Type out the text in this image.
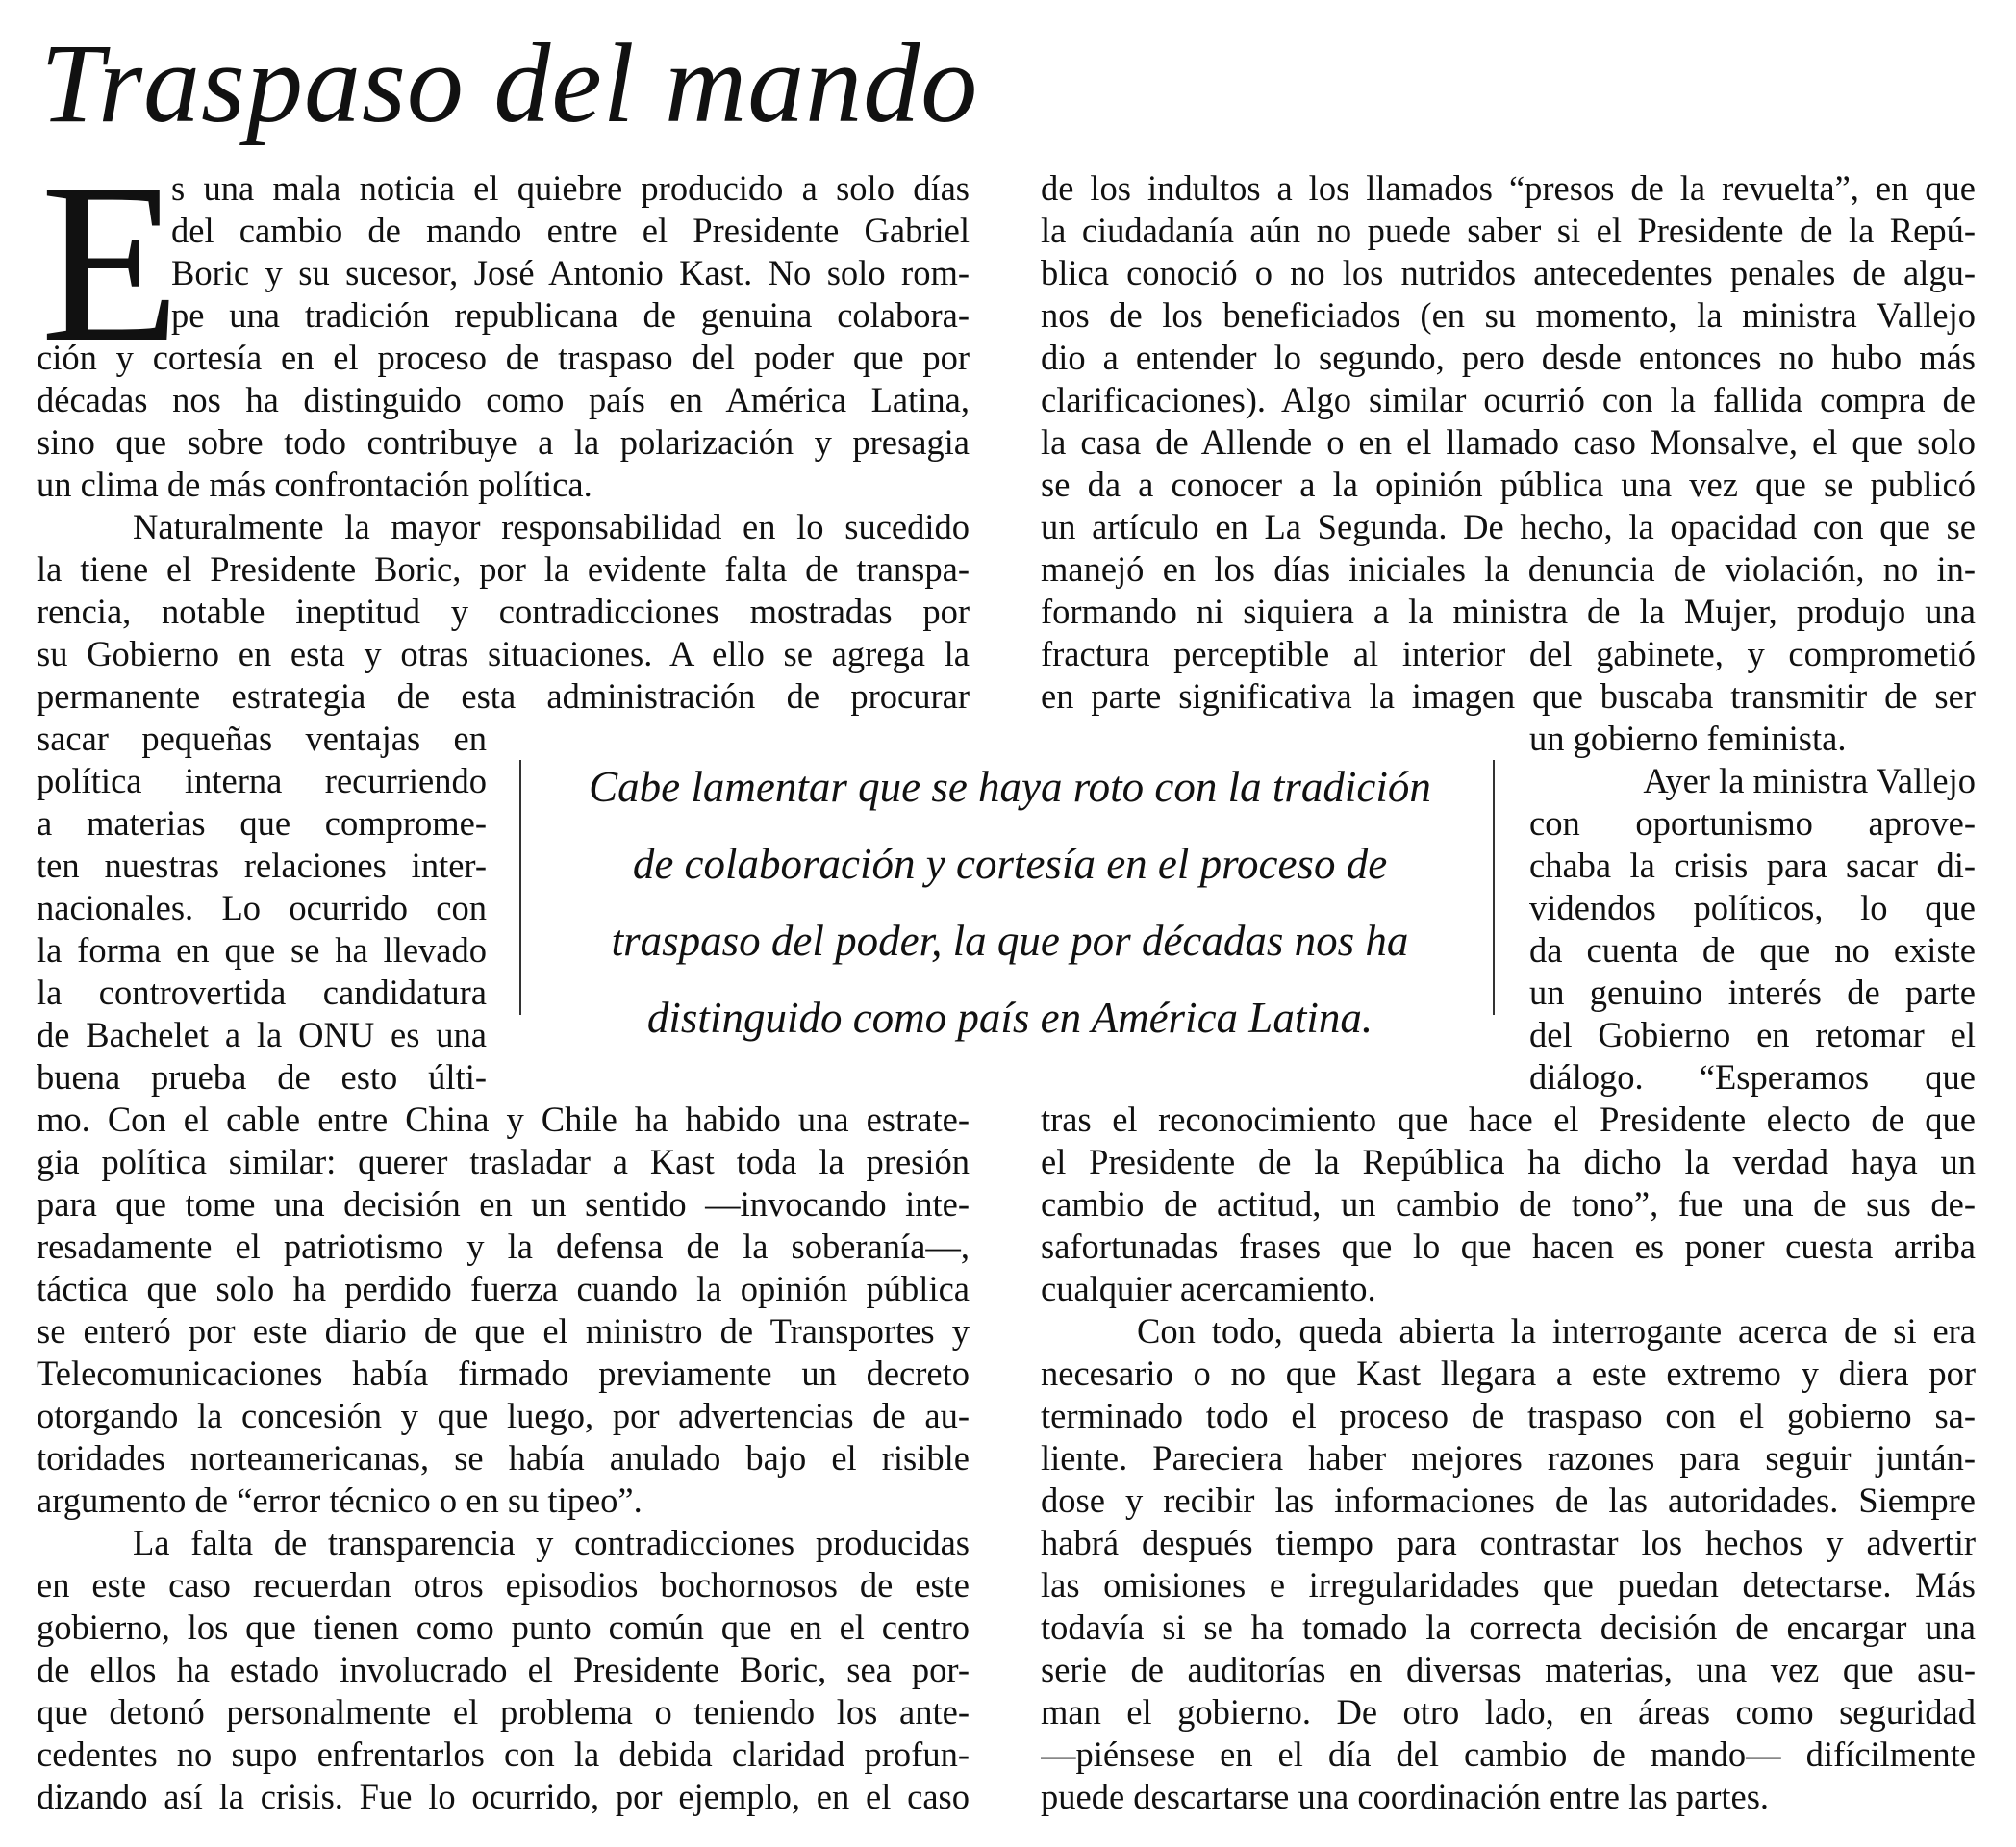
Traspaso del mando
E
s una mala noticia el quiebre producido a solo días
del cambio de mando entre el Presidente Gabriel
Boric y su sucesor, José Antonio Kast. No solo rom-
pe una tradición republicana de genuina colabora-
ción y cortesía en el proceso de traspaso del poder que por
décadas nos ha distinguido como país en América Latina,
sino que sobre todo contribuye a la polarización y presagia
un clima de más confrontación política.
Naturalmente la mayor responsabilidad en lo sucedido
la tiene el Presidente Boric, por la evidente falta de transpa-
rencia, notable ineptitud y contradicciones mostradas por
su Gobierno en esta y otras situaciones. A ello se agrega la
permanente estrategia de esta administración de procurar
sacar pequeñas ventajas en
política interna recurriendo
a materias que comprome-
ten nuestras relaciones inter-
nacionales. Lo ocurrido con
la forma en que se ha llevado
la controvertida candidatura
de Bachelet a la ONU es una
buena prueba de esto últi-
mo. Con el cable entre China y Chile ha habido una estrate-
gia política similar: querer trasladar a Kast toda la presión
para que tome una decisión en un sentido —invocando inte-
resadamente el patriotismo y la defensa de la soberanía—,
táctica que solo ha perdido fuerza cuando la opinión pública
se enteró por este diario de que el ministro de Transportes y
Telecomunicaciones había firmado previamente un decreto
otorgando la concesión y que luego, por advertencias de au-
toridades norteamericanas, se había anulado bajo el risible
argumento de “error técnico o en su tipeo”.
La falta de transparencia y contradicciones producidas
en este caso recuerdan otros episodios bochornosos de este
gobierno, los que tienen como punto común que en el centro
de ellos ha estado involucrado el Presidente Boric, sea por-
que detonó personalmente el problema o teniendo los ante-
cedentes no supo enfrentarlos con la debida claridad profun-
dizando así la crisis. Fue lo ocurrido, por ejemplo, en el caso
de los indultos a los llamados “presos de la revuelta”, en que
la ciudadanía aún no puede saber si el Presidente de la Repú-
blica conoció o no los nutridos antecedentes penales de algu-
nos de los beneficiados (en su momento, la ministra Vallejo
dio a entender lo segundo, pero desde entonces no hubo más
clarificaciones). Algo similar ocurrió con la fallida compra de
la casa de Allende o en el llamado caso Monsalve, el que solo
se da a conocer a la opinión pública una vez que se publicó
un artículo en La Segunda. De hecho, la opacidad con que se
manejó en los días iniciales la denuncia de violación, no in-
formando ni siquiera a la ministra de la Mujer, produjo una
fractura perceptible al interior del gabinete, y comprometió
en parte significativa la imagen que buscaba transmitir de ser
un gobierno feminista.
Ayer la ministra Vallejo
con oportunismo aprove-
chaba la crisis para sacar di-
videndos políticos, lo que
da cuenta de que no existe
un genuino interés de parte
del Gobierno en retomar el
diálogo. “Esperamos que
tras el reconocimiento que hace el Presidente electo de que
el Presidente de la República ha dicho la verdad haya un
cambio de actitud, un cambio de tono”, fue una de sus de-
safortunadas frases que lo que hacen es poner cuesta arriba
cualquier acercamiento.
Con todo, queda abierta la interrogante acerca de si era
necesario o no que Kast llegara a este extremo y diera por
terminado todo el proceso de traspaso con el gobierno sa-
liente. Pareciera haber mejores razones para seguir juntán-
dose y recibir las informaciones de las autoridades. Siempre
habrá después tiempo para contrastar los hechos y advertir
las omisiones e irregularidades que puedan detectarse. Más
todavía si se ha tomado la correcta decisión de encargar una
serie de auditorías en diversas materias, una vez que asu-
man el gobierno. De otro lado, en áreas como seguridad
—piénsese en el día del cambio de mando— difícilmente
puede descartarse una coordinación entre las partes.
Cabe lamentar que se haya roto con la tradición
de colaboración y cortesía en el proceso de
traspaso del poder, la que por décadas nos ha
distinguido como país en América Latina.
